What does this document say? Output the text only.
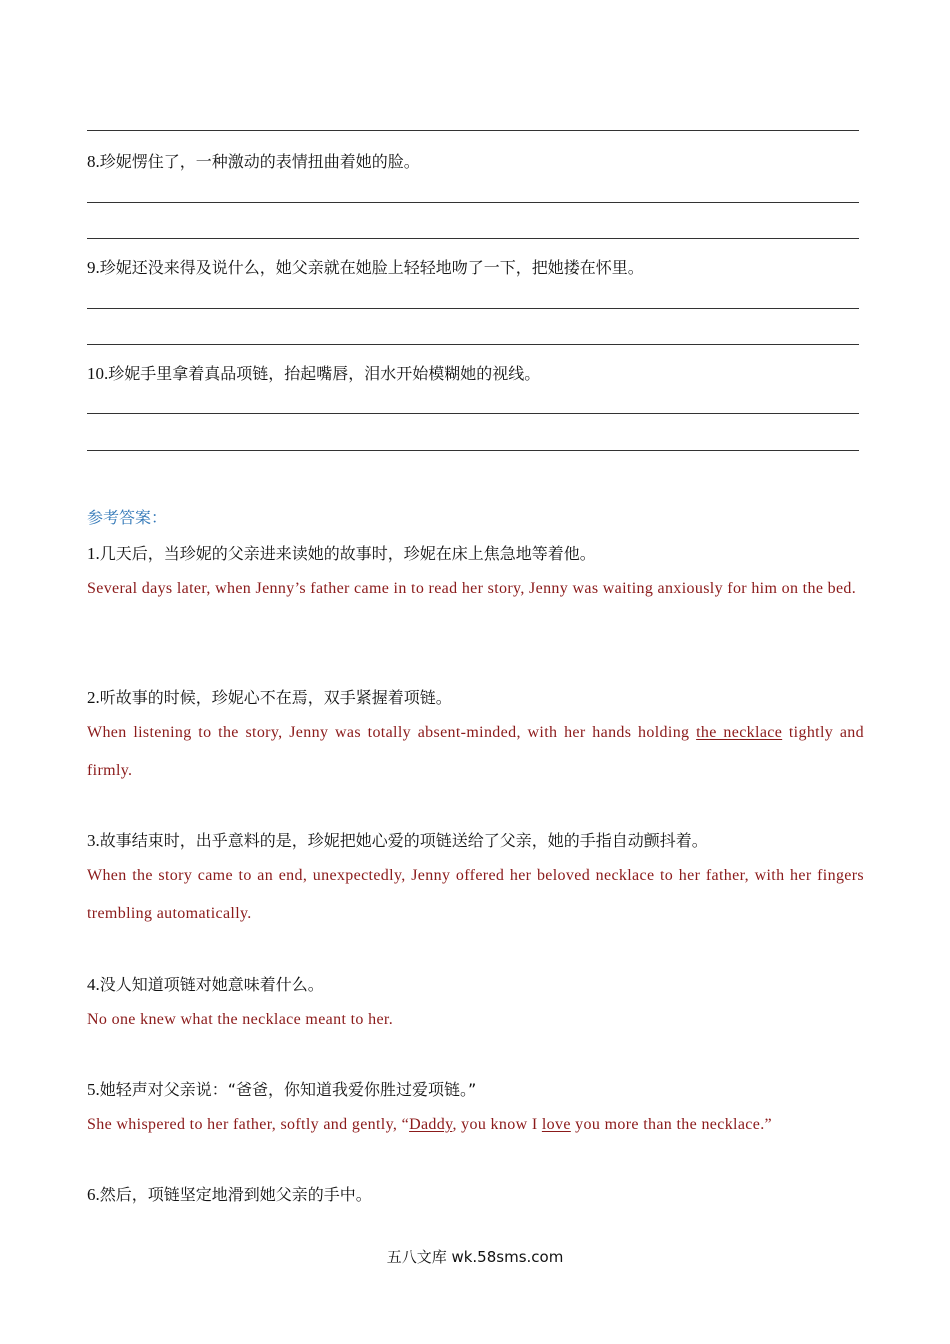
8.珍妮愣住了，一种激动的表情扭曲着她的脸。
9.珍妮还没来得及说什么，她父亲就在她脸上轻轻地吻了一下，把她搂在怀里。
10.珍妮手里拿着真品项链，抬起嘴唇，泪水开始模糊她的视线。
参考答案：
1.几天后，当珍妮的父亲进来读她的故事时，珍妮在床上焦急地等着他。
Several days later, when Jenny’s father came in to read her story, Jenny was waiting anxiously for him on the bed.
2.听故事的时候，珍妮心不在焉，双手紧握着项链。
When listening to the story, Jenny was totally absent-minded, with her hands holding the necklace tightly and firmly.
3.故事结束时，出乎意料的是，珍妮把她心爱的项链送给了父亲，她的手指自动颤抖着。
When the story came to an end, unexpectedly, Jenny offered her beloved necklace to her father, with her fingers trembling automatically.
4.没人知道项链对她意味着什么。
No one knew what the necklace meant to her.
5.她轻声对父亲说：“爸爸，你知道我爱你胜过爱项链。”
She whispered to her father, softly and gently, “Daddy, you know I love you more than the necklace.”
6.然后，项链坚定地滑到她父亲的手中。
五八文库 wk.58sms.com
